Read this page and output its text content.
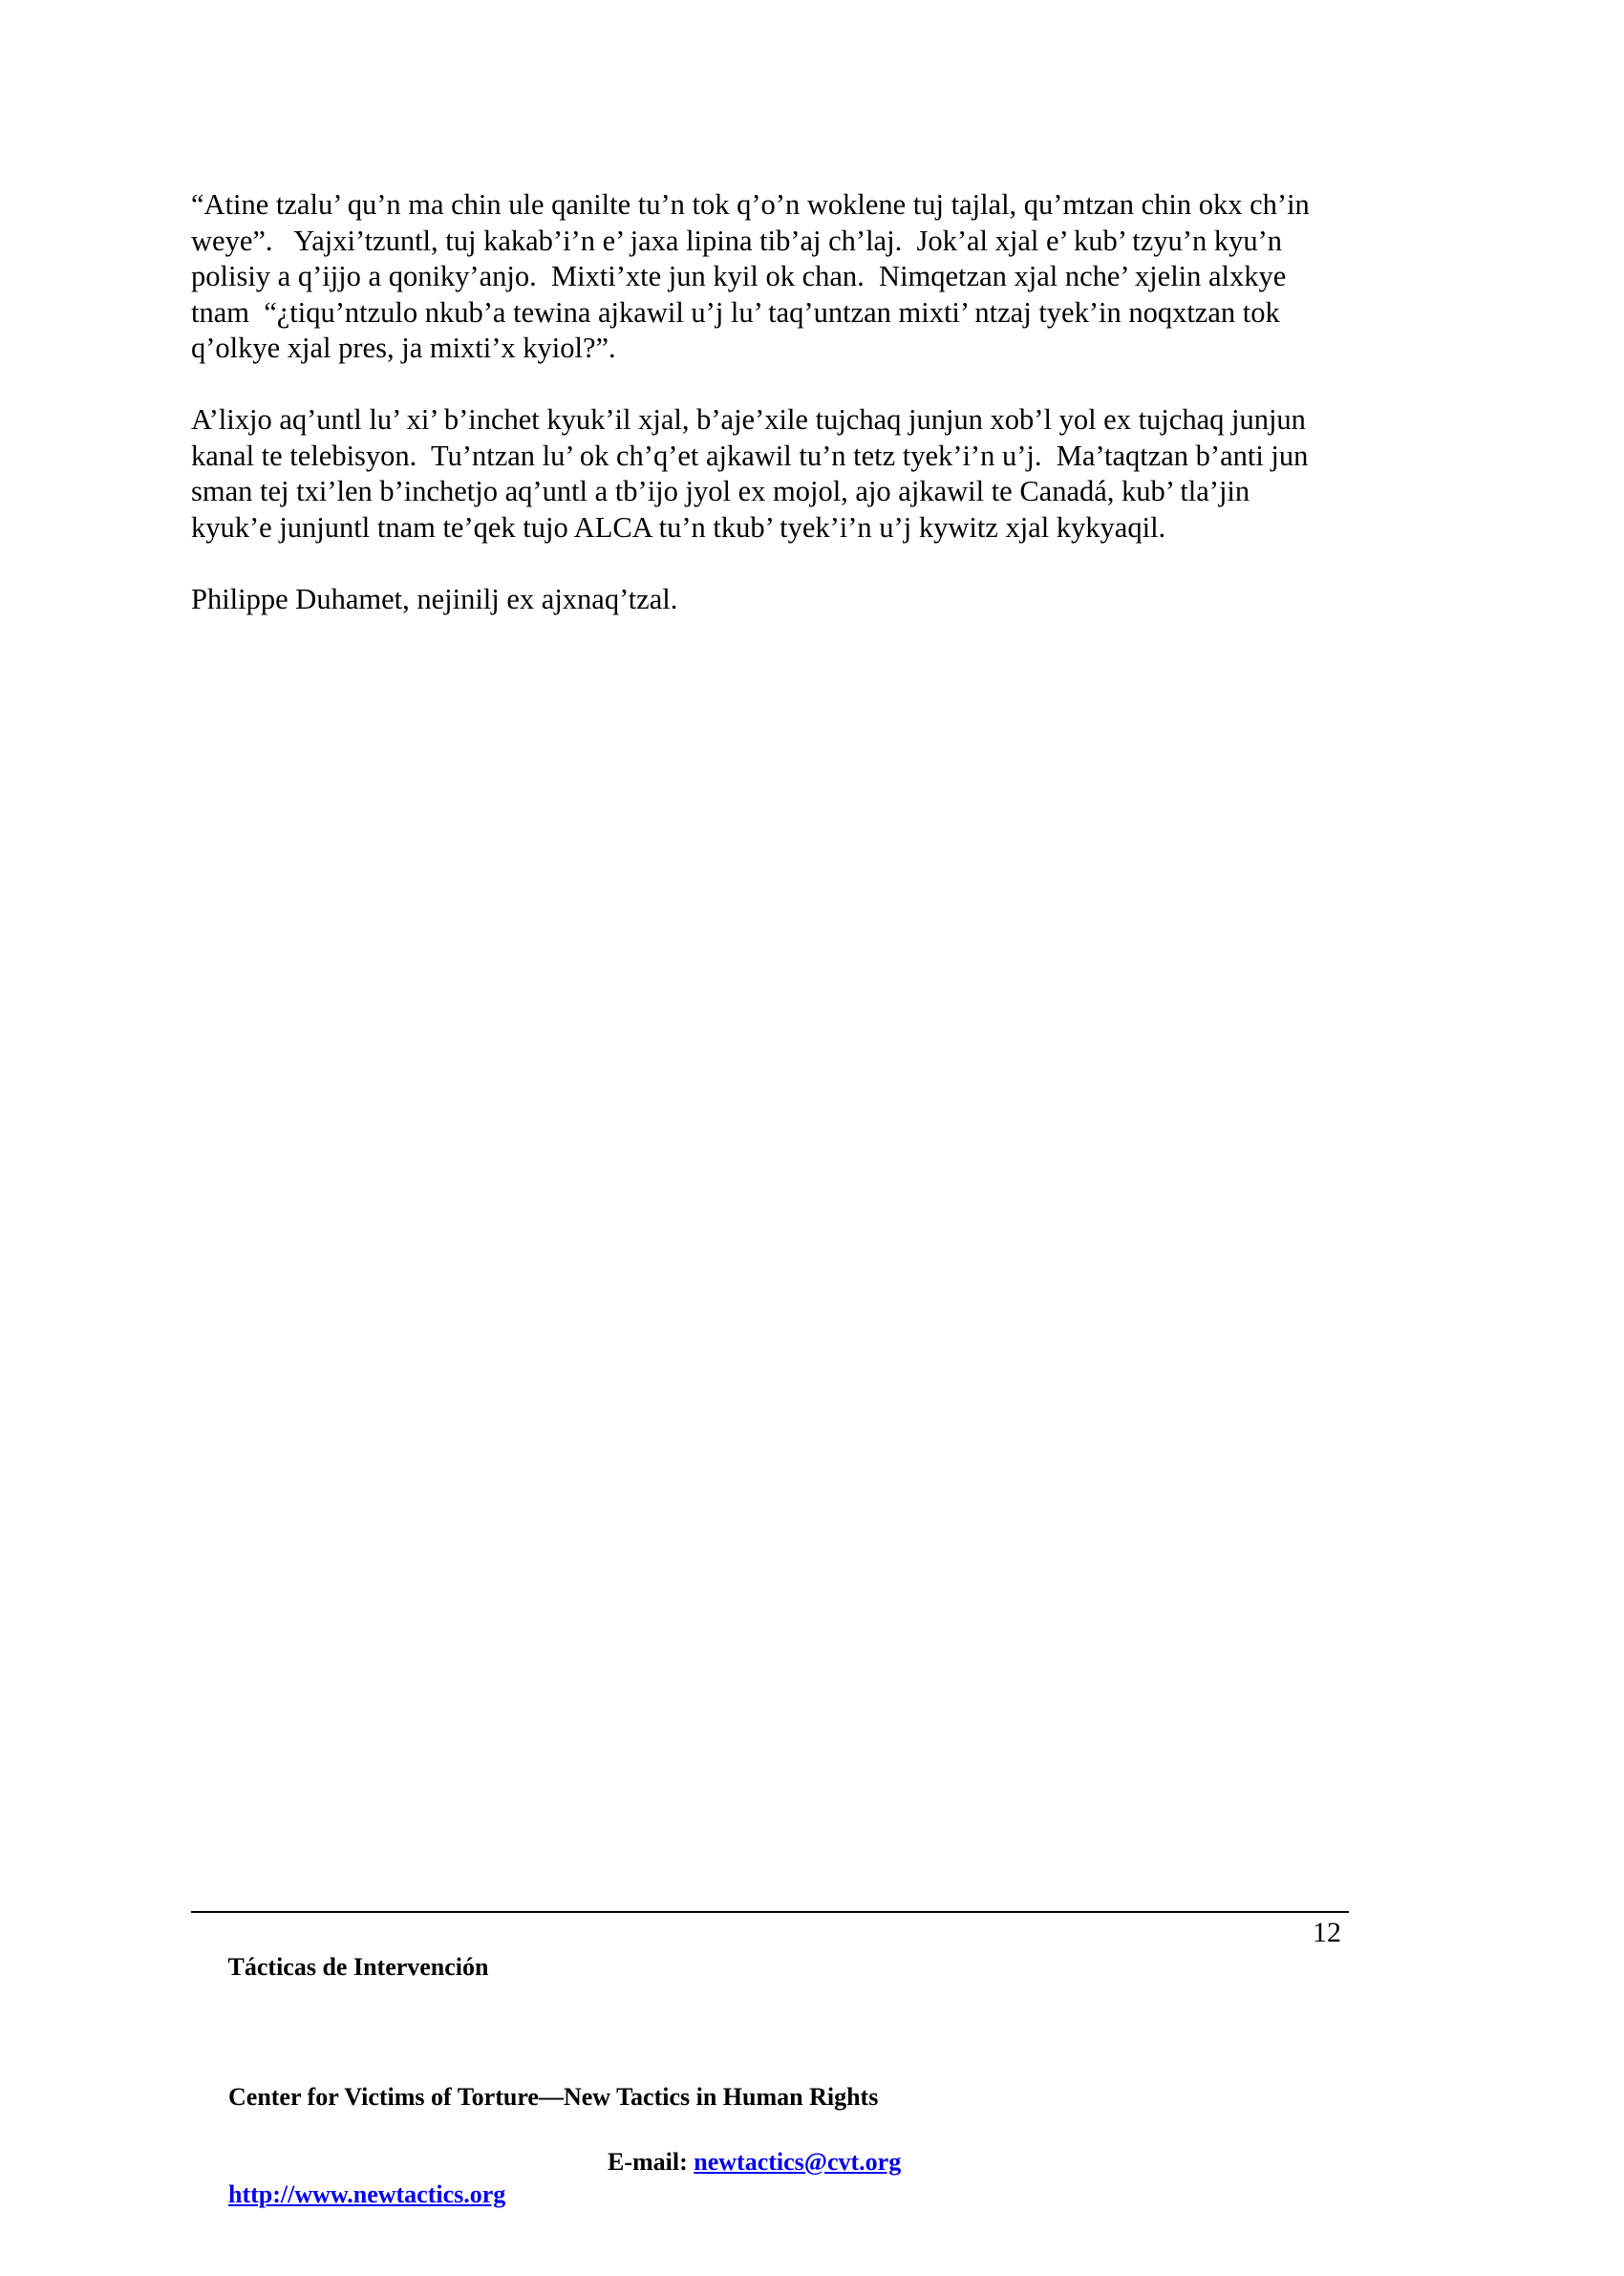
“Atine tzalu’ qu’n ma chin ule qanilte tu’n tok q’o’n woklene tuj tajlal, qu’mtzan chin okx ch’in
weye”.   Yajxi’tzuntl, tuj kakab’i’n e’ jaxa lipina tib’aj ch’laj.  Jok’al xjal e’ kub’ tzyu’n kyu’n
polisiy a q’ijjo a qoniky’anjo.  Mixti’xte jun kyil ok chan.  Nimqetzan xjal nche’ xjelin alxkye
tnam  “¿tiqu’ntzulo nkub’a tewina ajkawil u’j lu’ taq’untzan mixti’ ntzaj tyek’in noqxtzan tok
q’olkye xjal pres, ja mixti’x kyiol?”.

A’lixjo aq’untl lu’ xi’ b’inchet kyuk’il xjal, b’aje’xile tujchaq junjun xob’l yol ex tujchaq junjun
kanal te telebisyon.  Tu’ntzan lu’ ok ch’q’et ajkawil tu’n tetz tyek’i’n u’j.  Ma’taqtzan b’anti jun
sman tej txi’len b’inchetjo aq’untl a tb’ijo jyol ex mojol, ajo ajkawil te Canadá, kub’ tla’jin
kyuk’e junjuntl tnam te’qek tujo ALCA tu’n tkub’ tyek’i’n u’j kywitz xjal kykyaqil.

Philippe Duhamet, nejinilj ex ajxnaq’tzal.

Tácticas de Intervención

12

Center for Victims of Torture—New Tactics in Human Rights

http://www.newtactics.org

E-mail: newtactics@cvt.org
